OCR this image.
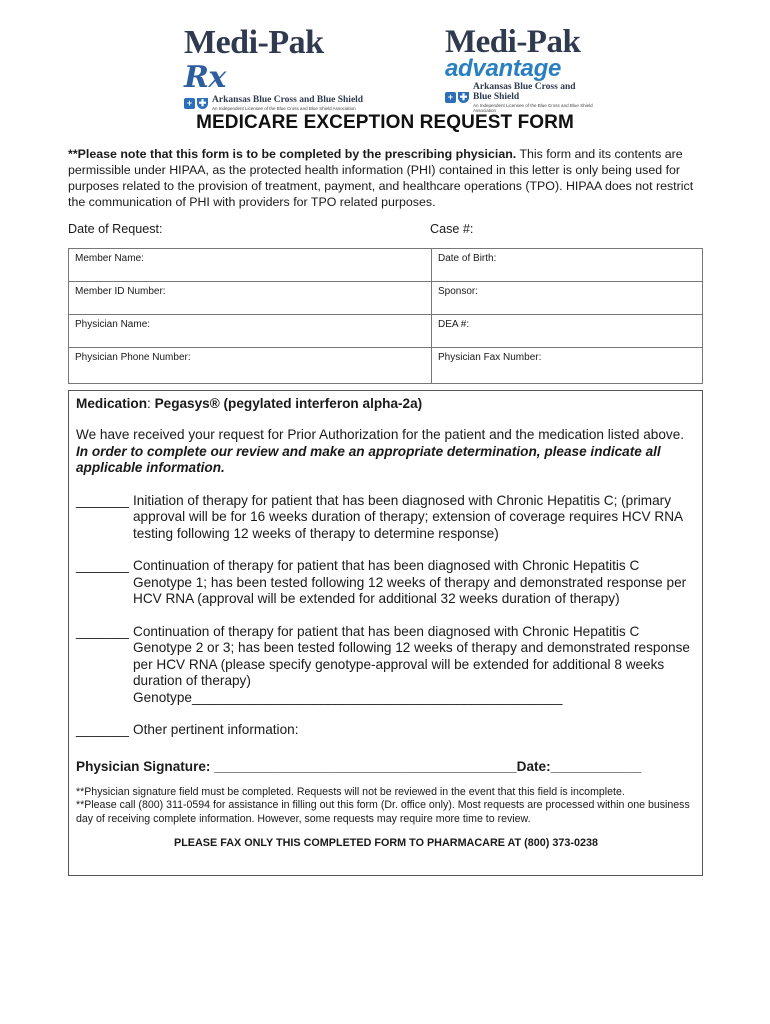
Medi-Pak Rx
+ ✚ Arkansas Blue Cross and Blue Shield
An Independent Licensee of the Blue Cross and Blue Shield Association
Medi-Pak
advantage
+ ✚
Arkansas Blue Cross and Blue Shield
An Independent Licensee of the Blue Cross and Blue Shield Association
MEDICARE EXCEPTION REQUEST FORM
**Please note that this form is to be completed by the prescribing physician. This form and its contents are permissible under HIPAA, as the protected health information (PHI) contained in this letter is only being used for purposes related to the provision of treatment, payment, and healthcare operations (TPO). HIPAA does not restrict the communication of PHI with providers for TPO related purposes.
Date of Request:	Case #:
Member Name:	Date of Birth:
Member ID Number:	Sponsor:
Physician Name:	DEA #:
Physician Phone Number:	Physician Fax Number:
Medication: Pegasys® (pegylated interferon alpha-2a)
We have received your request for Prior Authorization for the patient and the medication listed above. In order to complete our review and make an appropriate determination, please indicate all applicable information.
_______ Initiation of therapy for patient that has been diagnosed with Chronic Hepatitis C; (primary approval will be for 16 weeks duration of therapy; extension of coverage requires HCV RNA testing following 12 weeks of therapy to determine response)
_______ Continuation of therapy for patient that has been diagnosed with Chronic Hepatitis C Genotype 1; has been tested following 12 weeks of therapy and demonstrated response per HCV RNA (approval will be extended for additional 32 weeks duration of therapy)
_______ Continuation of therapy for patient that has been diagnosed with Chronic Hepatitis C Genotype 2 or 3; has been tested following 12 weeks of therapy and demonstrated response per HCV RNA (please specify genotype-approval will be extended for additional 8 weeks duration of therapy)
Genotype_________________________________________________
_______ Other pertinent information:
Physician Signature: ________________________________________Date:____________
**Physician signature field must be completed. Requests will not be reviewed in the event that this field is incomplete.
**Please call (800) 311-0594 for assistance in filling out this form (Dr. office only). Most requests are processed within one business day of receiving complete information. However, some requests may require more time to review.
PLEASE FAX ONLY THIS COMPLETED FORM TO PHARMACARE AT (800) 373-0238
